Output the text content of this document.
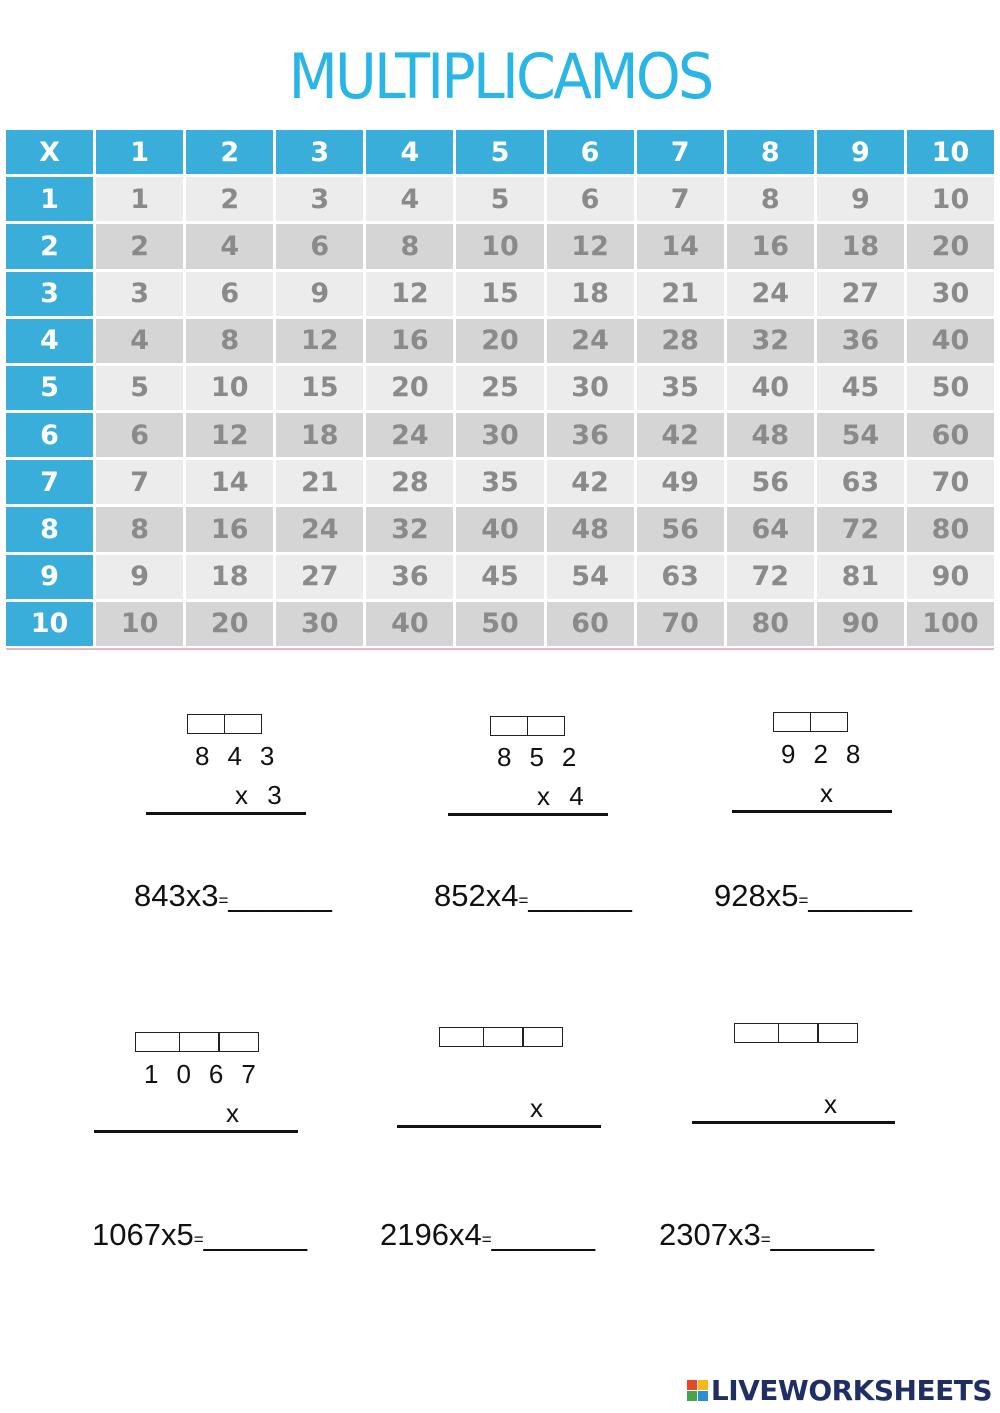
MULTIPLICAMOS
X	1	2	3	4	5	6	7	8	9	10
1	1	2	3	4	5	6	7	8	9	10
2	2	4	6	8	10	12	14	16	18	20
3	3	6	9	12	15	18	21	24	27	30
4	4	8	12	16	20	24	28	32	36	40
5	5	10	15	20	25	30	35	40	45	50
6	6	12	18	24	30	36	42	48	54	60
7	7	14	21	28	35	42	49	56	63	70
8	8	16	24	32	40	48	56	64	72	80
9	9	18	27	36	45	54	63	72	81	90
10	10	20	30	40	50	60	70	80	90	100
843
x 3
843x3=______
852
x 4
852x4=______
928
x
928x5=______
1067
x
1067x5=______
x
2196x4=______
x
2307x3=______
LIVEWORKSHEETS
